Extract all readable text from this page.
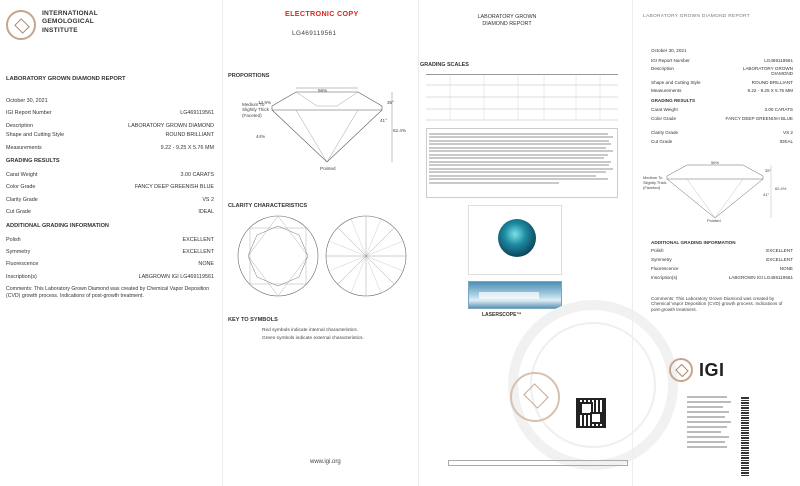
INTERNATIONAL
GEMOLOGICAL
INSTITUTE
LABORATORY GROWN DIAMOND REPORT
October 30, 2021
IGI Report Number	LG469119561
Description	LABORATORY GROWN DIAMOND
Shape and Cutting Style	ROUND BRILLIANT
Measurements	9.22 - 9.25 X 5.76 MM
GRADING RESULTS
Carat Weight	3.00 CARATS
Color Grade	FANCY DEEP GREENISH BLUE
Clarity Grade	VS 2
Cut Grade	IDEAL
ADDITIONAL GRADING INFORMATION
Polish	EXCELLENT
Symmetry	EXCELLENT
Fluorescence	NONE
Inscription(s)	LABGROWN IGI LG469119561
Comments: This Laboratory Grown Diamond was created by Chemical Vapor Deposition (CVD) growth process. Indications of post-growth treatment.
ELECTRONIC COPY
LG469119561
PROPORTIONS
Medium To Slightly Thick (Faceted)
56%
35°
62.4%
41°
14.9%
44%
Pointed
CLARITY CHARACTERISTICS
KEY TO SYMBOLS
Red symbols indicate internal characteristics.
Green symbols indicate external characteristics.
www.igi.org
LABORATORY GROWN
DIAMOND REPORT
GRADING SCALES
LASERSCOPE™
LABORATORY GROWN DIAMOND REPORT
October 30, 2021
IGI Report Number	LG469119561
Description	LABORATORY GROWN DIAMOND
Shape and Cutting Style	ROUND BRILLIANT
Measurements	9.22 - 9.25 X 5.76 MM
GRADING RESULTS
Carat Weight	3.00 CARATS
Color Grade	FANCY DEEP GREENISH BLUE
Clarity Grade	VS 2
Cut Grade	IDEAL
Medium To Slightly Thick (Faceted)
56%
35°
62.4%
41°
Pointed
ADDITIONAL GRADING INFORMATION
Polish	EXCELLENT
Symmetry	EXCELLENT
Fluorescence	NONE
Inscription(s)	LABGROWN IGI LG469119561
Comments: This Laboratory Grown Diamond was created by Chemical Vapor Deposition (CVD) growth process. Indications of post-growth treatment.
IGI
